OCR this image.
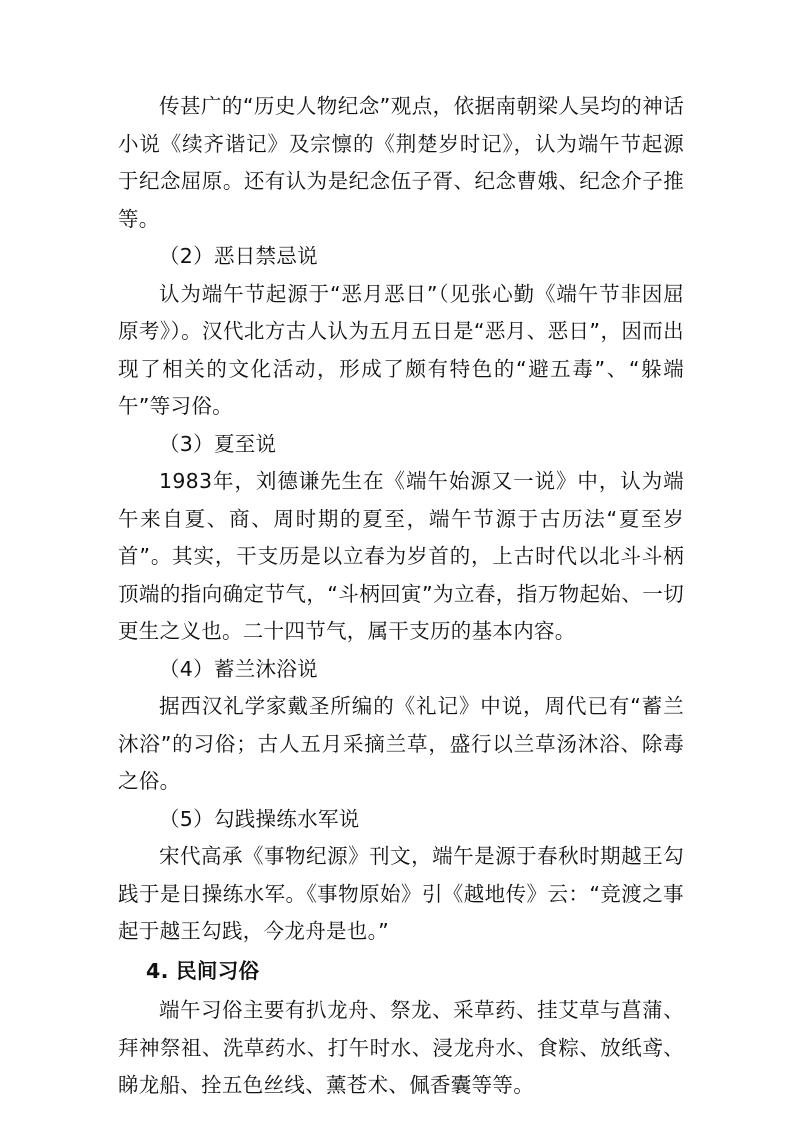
传甚广的“历史人物纪念”观点，依据南朝梁人吴均的神话小说《续齐谐记》及宗懔的《荆楚岁时记》，认为端午节起源于纪念屈原。还有认为是纪念伍子胥、纪念曹娥、纪念介子推等。

（2）恶日禁忌说

认为端午节起源于“恶月恶日”（见张心勤《端午节非因屈原考》）。汉代北方古人认为五月五日是“恶月、恶日”，因而出现了相关的文化活动，形成了颇有特色的“避五毒”、“躲端午”等习俗。

（3）夏至说

1983年，刘德谦先生在《端午始源又一说》中，认为端午来自夏、商、周时期的夏至，端午节源于古历法“夏至岁首”。其实，干支历是以立春为岁首的，上古时代以北斗斗柄顶端的指向确定节气，“斗柄回寅”为立春，指万物起始、一切更生之义也。二十四节气，属干支历的基本内容。

（4）蓄兰沐浴说

据西汉礼学家戴圣所编的《礼记》中说，周代已有“蓄兰沐浴”的习俗；古人五月采摘兰草，盛行以兰草汤沐浴、除毒之俗。

（5）勾践操练水军说

宋代高承《事物纪源》刊文，端午是源于春秋时期越王勾践于是日操练水军。《事物原始》引《越地传》云：“竞渡之事起于越王勾践，今龙舟是也。”

4. 民间习俗

端午习俗主要有扒龙舟、祭龙、采草药、挂艾草与菖蒲、拜神祭祖、洗草药水、打午时水、浸龙舟水、食粽、放纸鸢、睇龙船、拴五色丝线、薰苍术、佩香囊等等。
